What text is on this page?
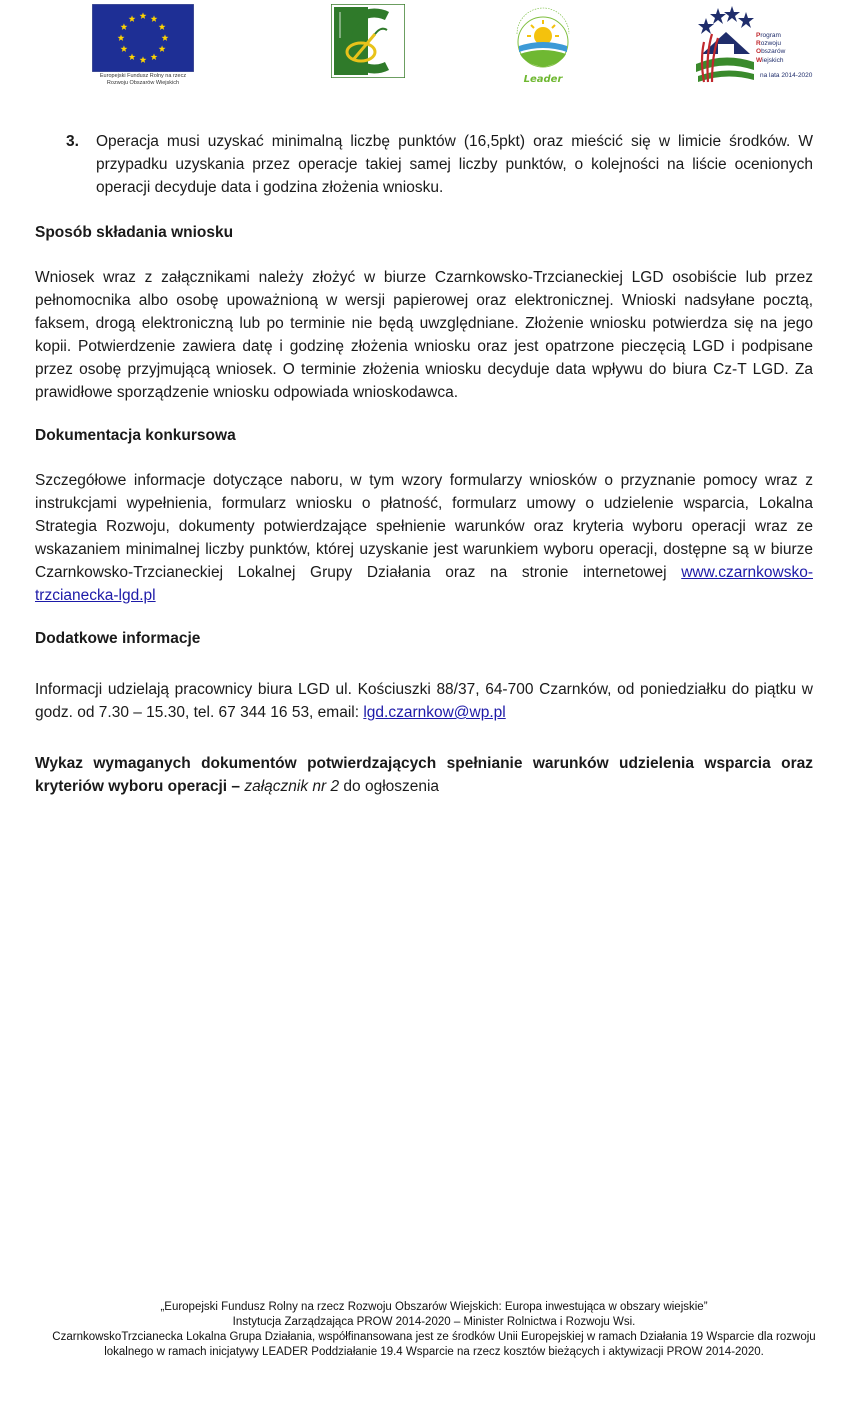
Europejski Fundusz Rolny na rzecz
Rozwoju Obszarów Wiejskich	Leader
Program
Rozwoju
Obszarów
Wiejskich
na lata 2014-2020
3.	Operacja musi uzyskać minimalną liczbę punktów (16,5pkt) oraz mieścić się w limicie środków. W przypadku uzyskania przez operacje takiej samej liczby punktów, o kolejności na liście ocenionych operacji decyduje data i godzina złożenia wniosku.

Sposób składania wniosku

Wniosek wraz z załącznikami należy złożyć w biurze Czarnkowsko-Trzcianeckiej LGD osobiście lub przez pełnomocnika albo osobę upoważnioną w wersji papierowej oraz elektronicznej. Wnioski nadsyłane pocztą, faksem, drogą elektroniczną lub po terminie nie będą uwzględniane. Złożenie wniosku potwierdza się na jego kopii. Potwierdzenie zawiera datę i godzinę złożenia wniosku oraz jest opatrzone pieczęcią LGD i podpisane przez osobę przyjmującą wniosek. O terminie złożenia wniosku decyduje data wpływu do biura Cz-T LGD. Za prawidłowe sporządzenie wniosku odpowiada wnioskodawca.

Dokumentacja konkursowa

Szczegółowe informacje dotyczące naboru, w tym wzory formularzy wniosków o przyznanie pomocy wraz z instrukcjami wypełnienia, formularz wniosku o płatność, formularz umowy o udzielenie wsparcia, Lokalna Strategia Rozwoju, dokumenty potwierdzające spełnienie warunków oraz kryteria wyboru operacji wraz ze wskazaniem minimalnej liczby punktów, której uzyskanie jest warunkiem wyboru operacji, dostępne są w biurze Czarnkowsko-Trzcianeckiej Lokalnej Grupy Działania oraz na stronie internetowej www.czarnkowsko-trzcianecka-lgd.pl

Dodatkowe informacje

Informacji udzielają pracownicy biura LGD ul. Kościuszki 88/37, 64-700 Czarnków, od poniedziałku do piątku w godz. od 7.30 – 15.30, tel. 67 344 16 53, email: lgd.czarnkow@wp.pl

Wykaz wymaganych dokumentów potwierdzających spełnianie warunków udzielenia wsparcia oraz kryteriów wyboru operacji – załącznik nr 2 do ogłoszenia

„Europejski Fundusz Rolny na rzecz Rozwoju Obszarów Wiejskich: Europa inwestująca w obszary wiejskie”
Instytucja Zarządzająca PROW 2014-2020 – Minister Rolnictwa i Rozwoju Wsi.
CzarnkowskoTrzcianecka Lokalna Grupa Działania, współfinansowana jest ze środków Unii Europejskiej w ramach Działania 19 Wsparcie dla rozwoju lokalnego w ramach inicjatywy LEADER Poddziałanie 19.4 Wsparcie na rzecz kosztów bieżących i aktywizacji PROW 2014-2020.
